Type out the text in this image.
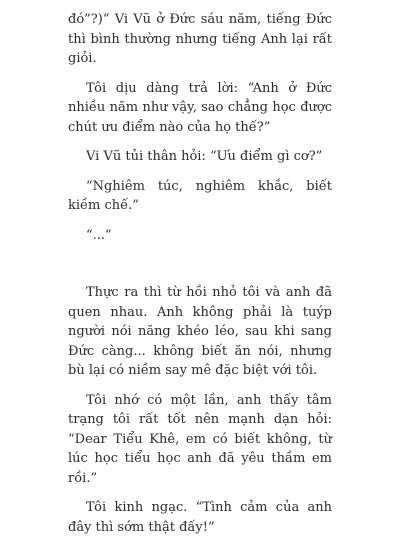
đó”?)” Vi Vũ ở Đức sáu năm, tiếng Đức thì bình thường nhưng tiếng Anh lại rất giỏi.

Tôi dịu dàng trả lời: “Anh ở Đức nhiều năm như vậy, sao chẳng học được chút ưu điểm nào của họ thế?”

Vi Vũ tủi thân hỏi: “Ưu điểm gì cơ?”

“Nghiêm túc, nghiêm khắc, biết kiềm chế.”

“...”

Thực ra thì từ hồi nhỏ tôi và anh đã quen nhau. Anh không phải là tuýp người nói năng khéo léo, sau khi sang Đức càng... không biết ăn nói, nhưng bù lại có niềm say mê đặc biệt với tôi.

Tôi nhớ có một lần, anh thấy tâm trạng tôi rất tốt nên mạnh dạn hỏi: “Dear Tiểu Khê, em có biết không, từ lúc học tiểu học anh đã yêu thầm em rồi.”

Tôi kinh ngạc. “Tình cảm của anh đây thì sớm thật đấy!”
